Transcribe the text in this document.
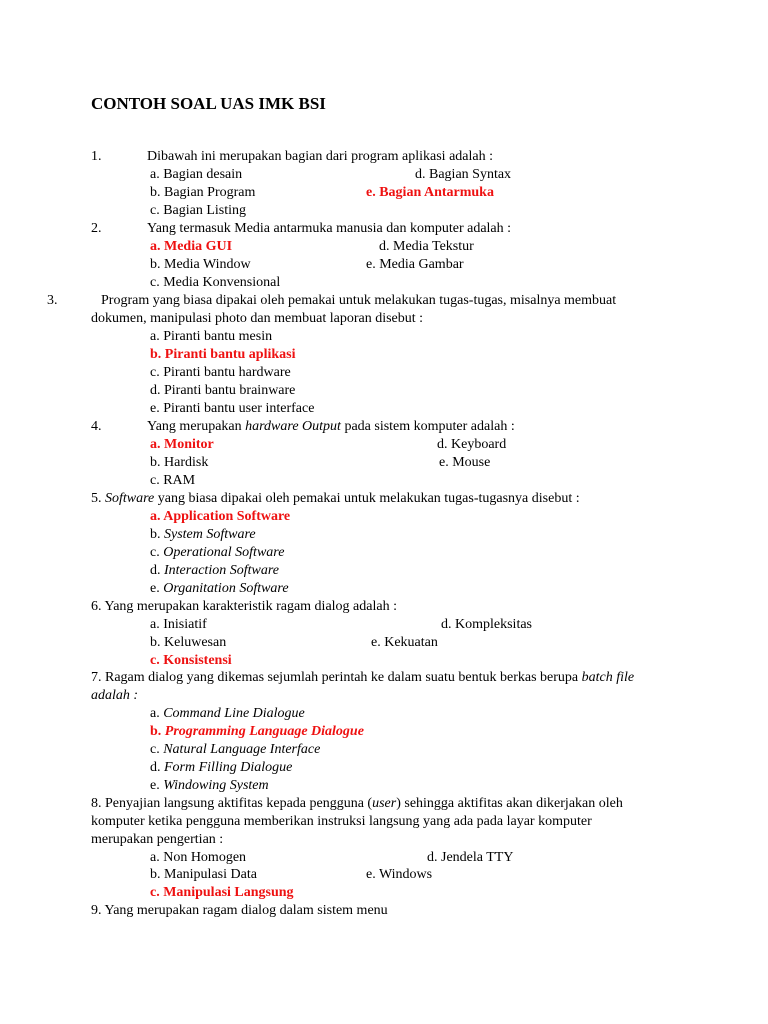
CONTOH SOAL UAS IMK BSI
1.	Dibawah ini merupakan bagian dari program aplikasi adalah :
a. Bagian desain	d. Bagian Syntax
b. Bagian Program	e. Bagian Antarmuka
c. Bagian Listing
2.	Yang termasuk Media antarmuka manusia dan komputer adalah :
a. Media GUI	d. Media Tekstur
b. Media Window	e. Media Gambar
c. Media Konvensional
3.	Program yang biasa dipakai oleh pemakai untuk melakukan tugas-tugas, misalnya membuat
dokumen, manipulasi photo dan membuat laporan disebut :
a. Piranti bantu mesin
b. Piranti bantu aplikasi
c. Piranti bantu hardware
d. Piranti bantu brainware
e. Piranti bantu user interface
4.	Yang merupakan hardware Output pada sistem komputer adalah :
a. Monitor	d. Keyboard
b. Hardisk	e. Mouse
c. RAM
5. Software yang biasa dipakai oleh pemakai untuk melakukan tugas-tugasnya disebut :
a. Application Software
b. System Software
c. Operational Software
d. Interaction Software
e. Organitation Software
6. Yang merupakan karakteristik ragam dialog adalah :
a. Inisiatif	d. Kompleksitas
b. Keluwesan	e. Kekuatan
c. Konsistensi
7. Ragam dialog yang dikemas sejumlah perintah ke dalam suatu bentuk berkas berupa batch file
adalah :
a. Command Line Dialogue
b. Programming Language Dialogue
c. Natural Language Interface
d. Form Filling Dialogue
e. Windowing System
8. Penyajian langsung aktifitas kepada pengguna (user) sehingga aktifitas akan dikerjakan oleh
komputer ketika pengguna memberikan instruksi langsung yang ada pada layar komputer
merupakan pengertian :
a. Non Homogen	d. Jendela TTY
b. Manipulasi Data	e. Windows
c. Manipulasi Langsung
9. Yang merupakan ragam dialog dalam sistem menu
